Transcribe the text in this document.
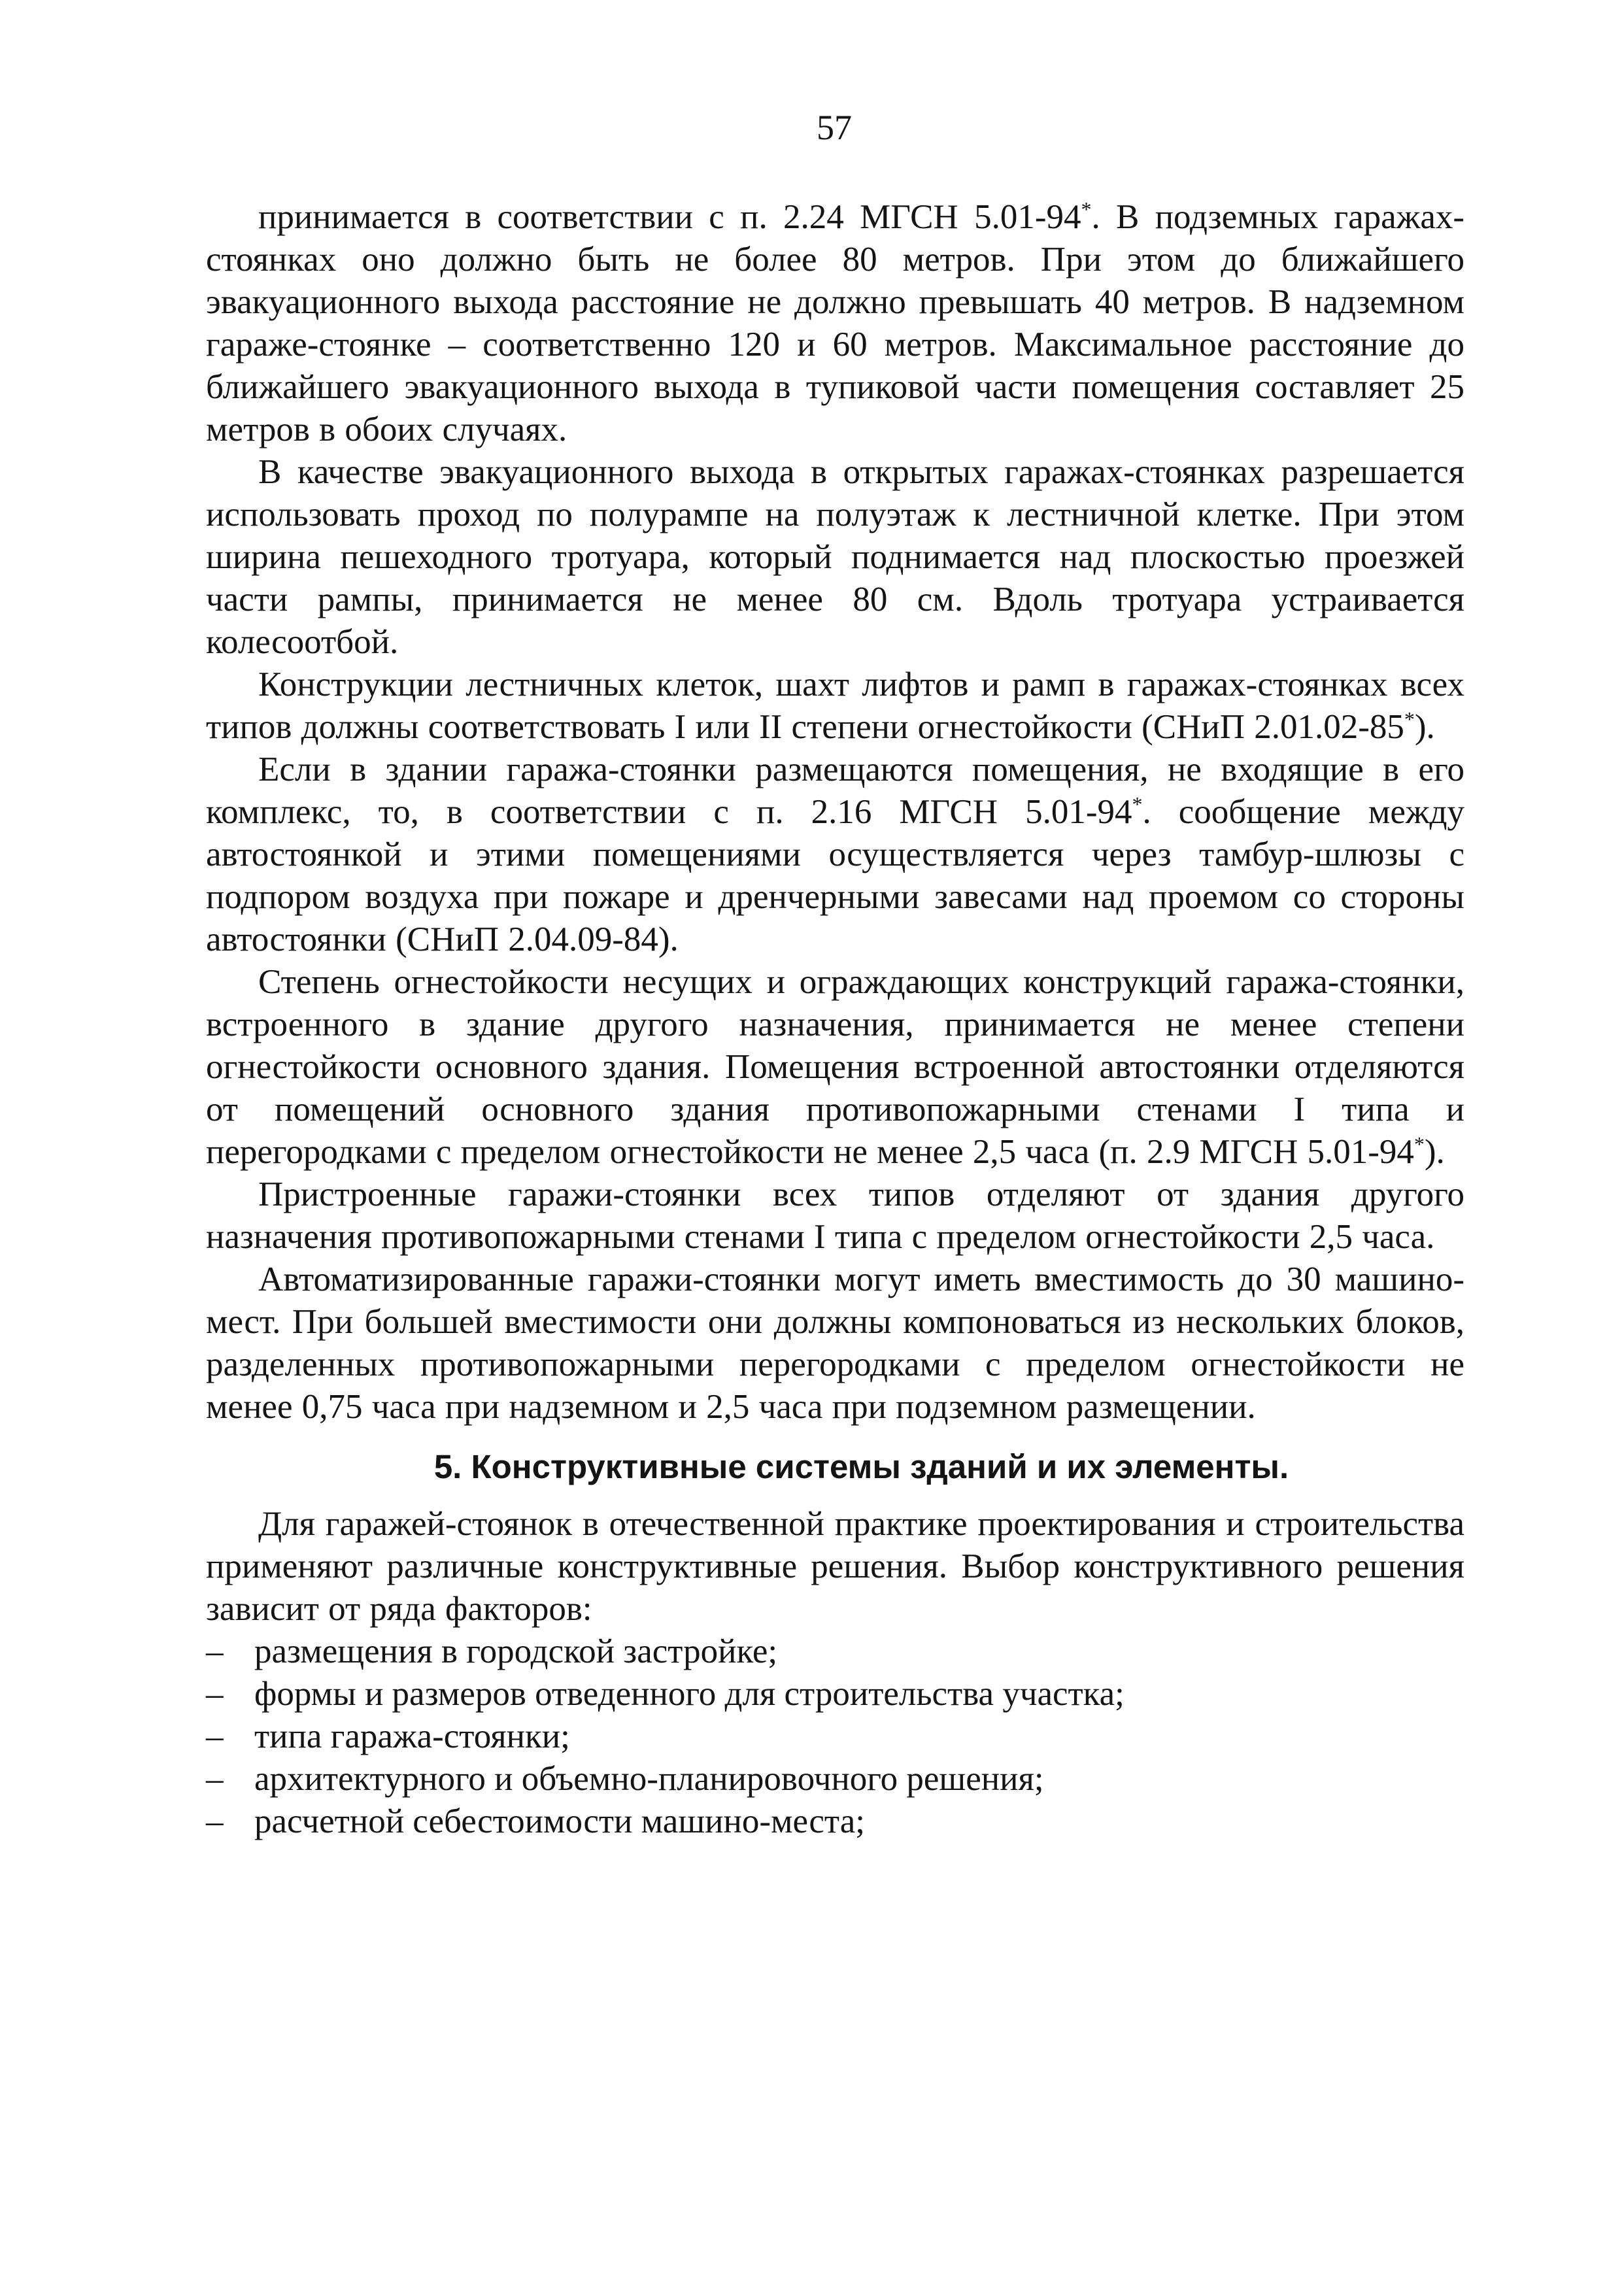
57

принимается в соответствии с п. 2.24 МГСН 5.01-94*. В подземных гаражах-стоянках оно должно быть не более 80 метров. При этом до ближайшего эвакуационного выхода расстояние не должно превышать 40 метров. В надземном гараже-стоянке – соответственно 120 и 60 метров. Максимальное расстояние до ближайшего эвакуационного выхода в тупиковой части помещения составляет 25 метров в обоих случаях.

В качестве эвакуационного выхода в открытых гаражах-стоянках разрешается использовать проход по полурампе на полуэтаж к лестничной клетке. При этом ширина пешеходного тротуара, который поднимается над плоскостью проезжей части рампы, принимается не менее 80 см. Вдоль тротуара устраивается колесоотбой.

Конструкции лестничных клеток, шахт лифтов и рамп в гаражах-стоянках всех типов должны соответствовать I или II степени огнестойкости (СНиП 2.01.02-85*).

Если в здании гаража-стоянки размещаются помещения, не входящие в его комплекс, то, в соответствии с п. 2.16 МГСН 5.01-94*. сообщение между автостоянкой и этими помещениями осуществляется через тамбур-шлюзы с подпором воздуха при пожаре и дренчерными завесами над проемом со стороны автостоянки (СНиП 2.04.09-84).

Степень огнестойкости несущих и ограждающих конструкций гаража-стоянки, встроенного в здание другого назначения, принимается не менее степени огнестойкости основного здания. Помещения встроенной автостоянки отделяются от помещений основного здания противопожарными стенами I типа и перегородками с пределом огнестойкости не менее 2,5 часа (п. 2.9 МГСН 5.01-94*).

Пристроенные гаражи-стоянки всех типов отделяют от здания другого назначения противопожарными стенами I типа с пределом огнестойкости 2,5 часа.

Автоматизированные гаражи-стоянки могут иметь вместимость до 30 машино-мест. При большей вместимости они должны компоноваться из нескольких блоков, разделенных противопожарными перегородками с пределом огнестойкости не менее 0,75 часа при надземном и 2,5 часа при подземном размещении.

5. Конструктивные системы зданий и их элементы.

Для гаражей-стоянок в отечественной практике проектирования и строительства применяют различные конструктивные решения. Выбор конструктивного решения зависит от ряда факторов:

– размещения в городской застройке;
– формы и размеров отведенного для строительства участка;
– типа гаража-стоянки;
– архитектурного и объемно-планировочного решения;
– расчетной себестоимости машино-места;
